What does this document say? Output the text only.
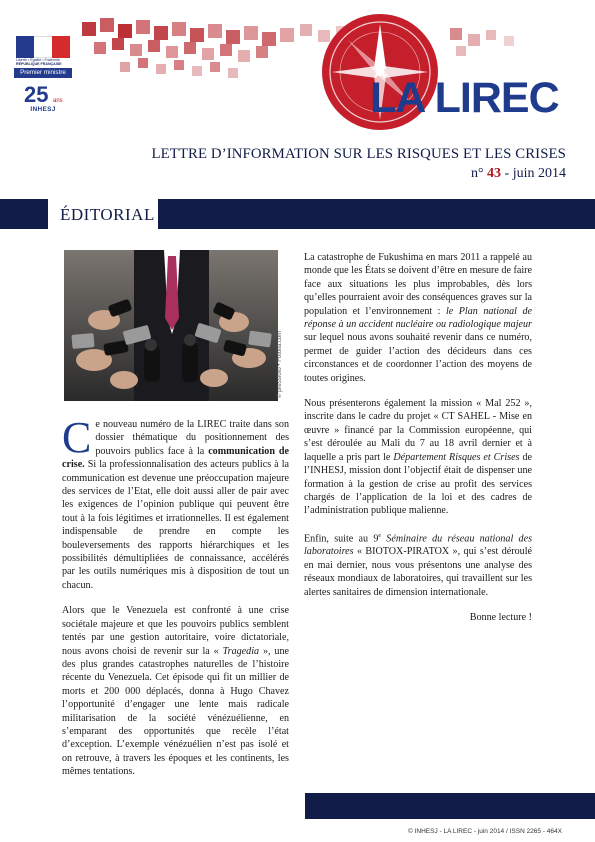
Liberté • Égalité • Fraternité
RÉPUBLIQUE FRANÇAISE
Premier ministre
25 ans
INHESJ	LA LIREC
LETTRE D’INFORMATION SUR LES RISQUES ET LES CRISES
n° 43 - juin 2014
ÉDITORIAL
© pressfoto • Fotolia.com

Ce nouveau numéro de la LIREC traite dans son dossier thématique du positionnement des pouvoirs publics face à la communication de crise. Si la professionnalisation des acteurs publics à la communication est devenue une préoccupation majeure des services de l’Etat, elle doit aussi aller de pair avec les exigences de l’opinion publique qui peuvent être tout à la fois légitimes et irrationnelles. Il est également indispensable de prendre en compte les bouleversements des rapports hiérarchiques et les possibilités démultipliées de connaissance, accélérés par les outils numériques mis à disposition de tout un chacun.

Alors que le Venezuela est confronté à une crise sociétale majeure et que les pouvoirs publics semblent tentés par une gestion autoritaire, voire dictatoriale, nous avons choisi de revenir sur la « Tragedia », une des plus grandes catastrophes naturelles de l’histoire récente du Venezuela. Cet épisode qui fit un millier de morts et 200 000 déplacés, donna à Hugo Chavez l’opportunité d’engager une lente mais radicale militarisation de la société vénézuélienne, en s’emparant des opportunités que recèle l’état d’exception. L’exemple vénézuélien n’est pas isolé et on retrouve, à travers les époques et les continents, les mêmes tentations.

La catastrophe de Fukushima en mars 2011 a rappelé au monde que les États se doivent d’être en mesure de faire face aux situations les plus improbables, dès lors qu’elles pourraient avoir des conséquences graves sur la population et l’environnement : le Plan national de réponse à un accident nucléaire ou radiologique majeur sur lequel nous avons souhaité revenir dans ce numéro, permet de guider l’action des décideurs dans ces circonstances et de coordonner l’action des moyens de toutes origines.

Nous présenterons également la mission « Mal 252 », inscrite dans le cadre du projet « CT SAHEL - Mise en œuvre » financé par la Commission européenne, qui s’est déroulée au Mali du 7 au 18 avril dernier et à laquelle a pris part le Département Risques et Crises de l’INHESJ, mission dont l’objectif était de dispenser une formation à la gestion de crise au profit des services chargés de l’application de la loi et des cadres de l’administration publique malienne.

Enfin, suite au 9e Séminaire du réseau national des laboratoires « BIOTOX-PIRATOX », qui s’est déroulé en mai dernier, nous vous présentons une analyse des réseaux mondiaux de laboratoires, qui travaillent sur les alertes sanitaires de dimension internationale.

Bonne lecture !

© INHESJ - LA LIREC - juin 2014 / ISSN 2265 - 464X
